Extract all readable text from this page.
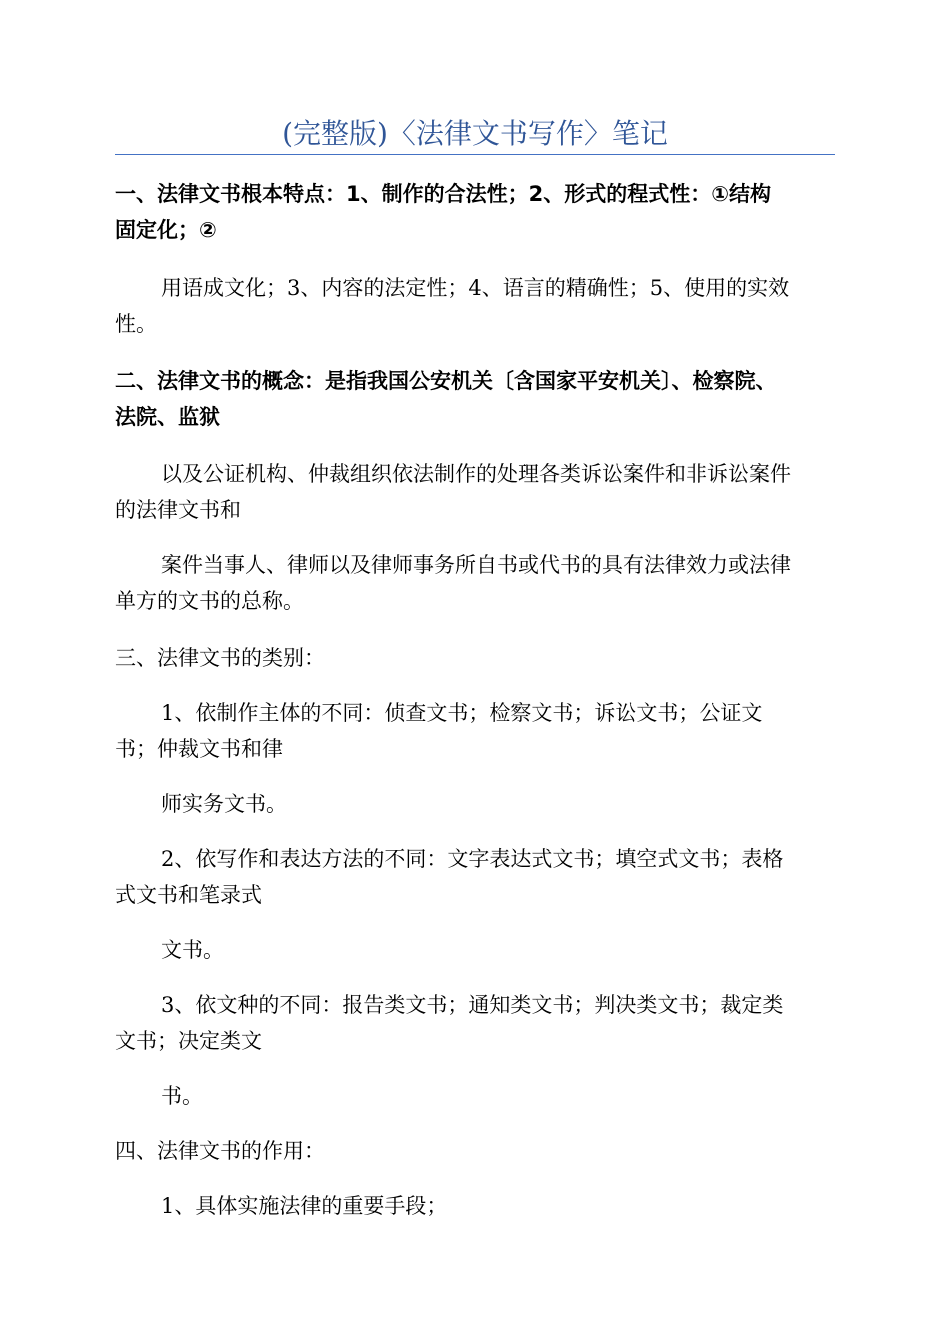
(完整版)〈法律文书写作〉笔记

一、法律文书根本特点：1、制作的合法性；2、形式的程式性：①结构
固定化；②

用语成文化；3、内容的法定性；4、语言的精确性；5、使用的实效
性。

二、法律文书的概念：是指我国公安机关〔含国家平安机关〕、检察院、
法院、监狱

以及公证机构、仲裁组织依法制作的处理各类诉讼案件和非诉讼案件
的法律文书和

案件当事人、律师以及律师事务所自书或代书的具有法律效力或法律
单方的文书的总称。

三、法律文书的类别：

1、依制作主体的不同：侦查文书；检察文书；诉讼文书；公证文
书；仲裁文书和律

师实务文书。

2、依写作和表达方法的不同：文字表达式文书；填空式文书；表格
式文书和笔录式

文书。

3、依文种的不同：报告类文书；通知类文书；判决类文书；裁定类
文书；决定类文

书。

四、法律文书的作用：

1、具体实施法律的重要手段；
